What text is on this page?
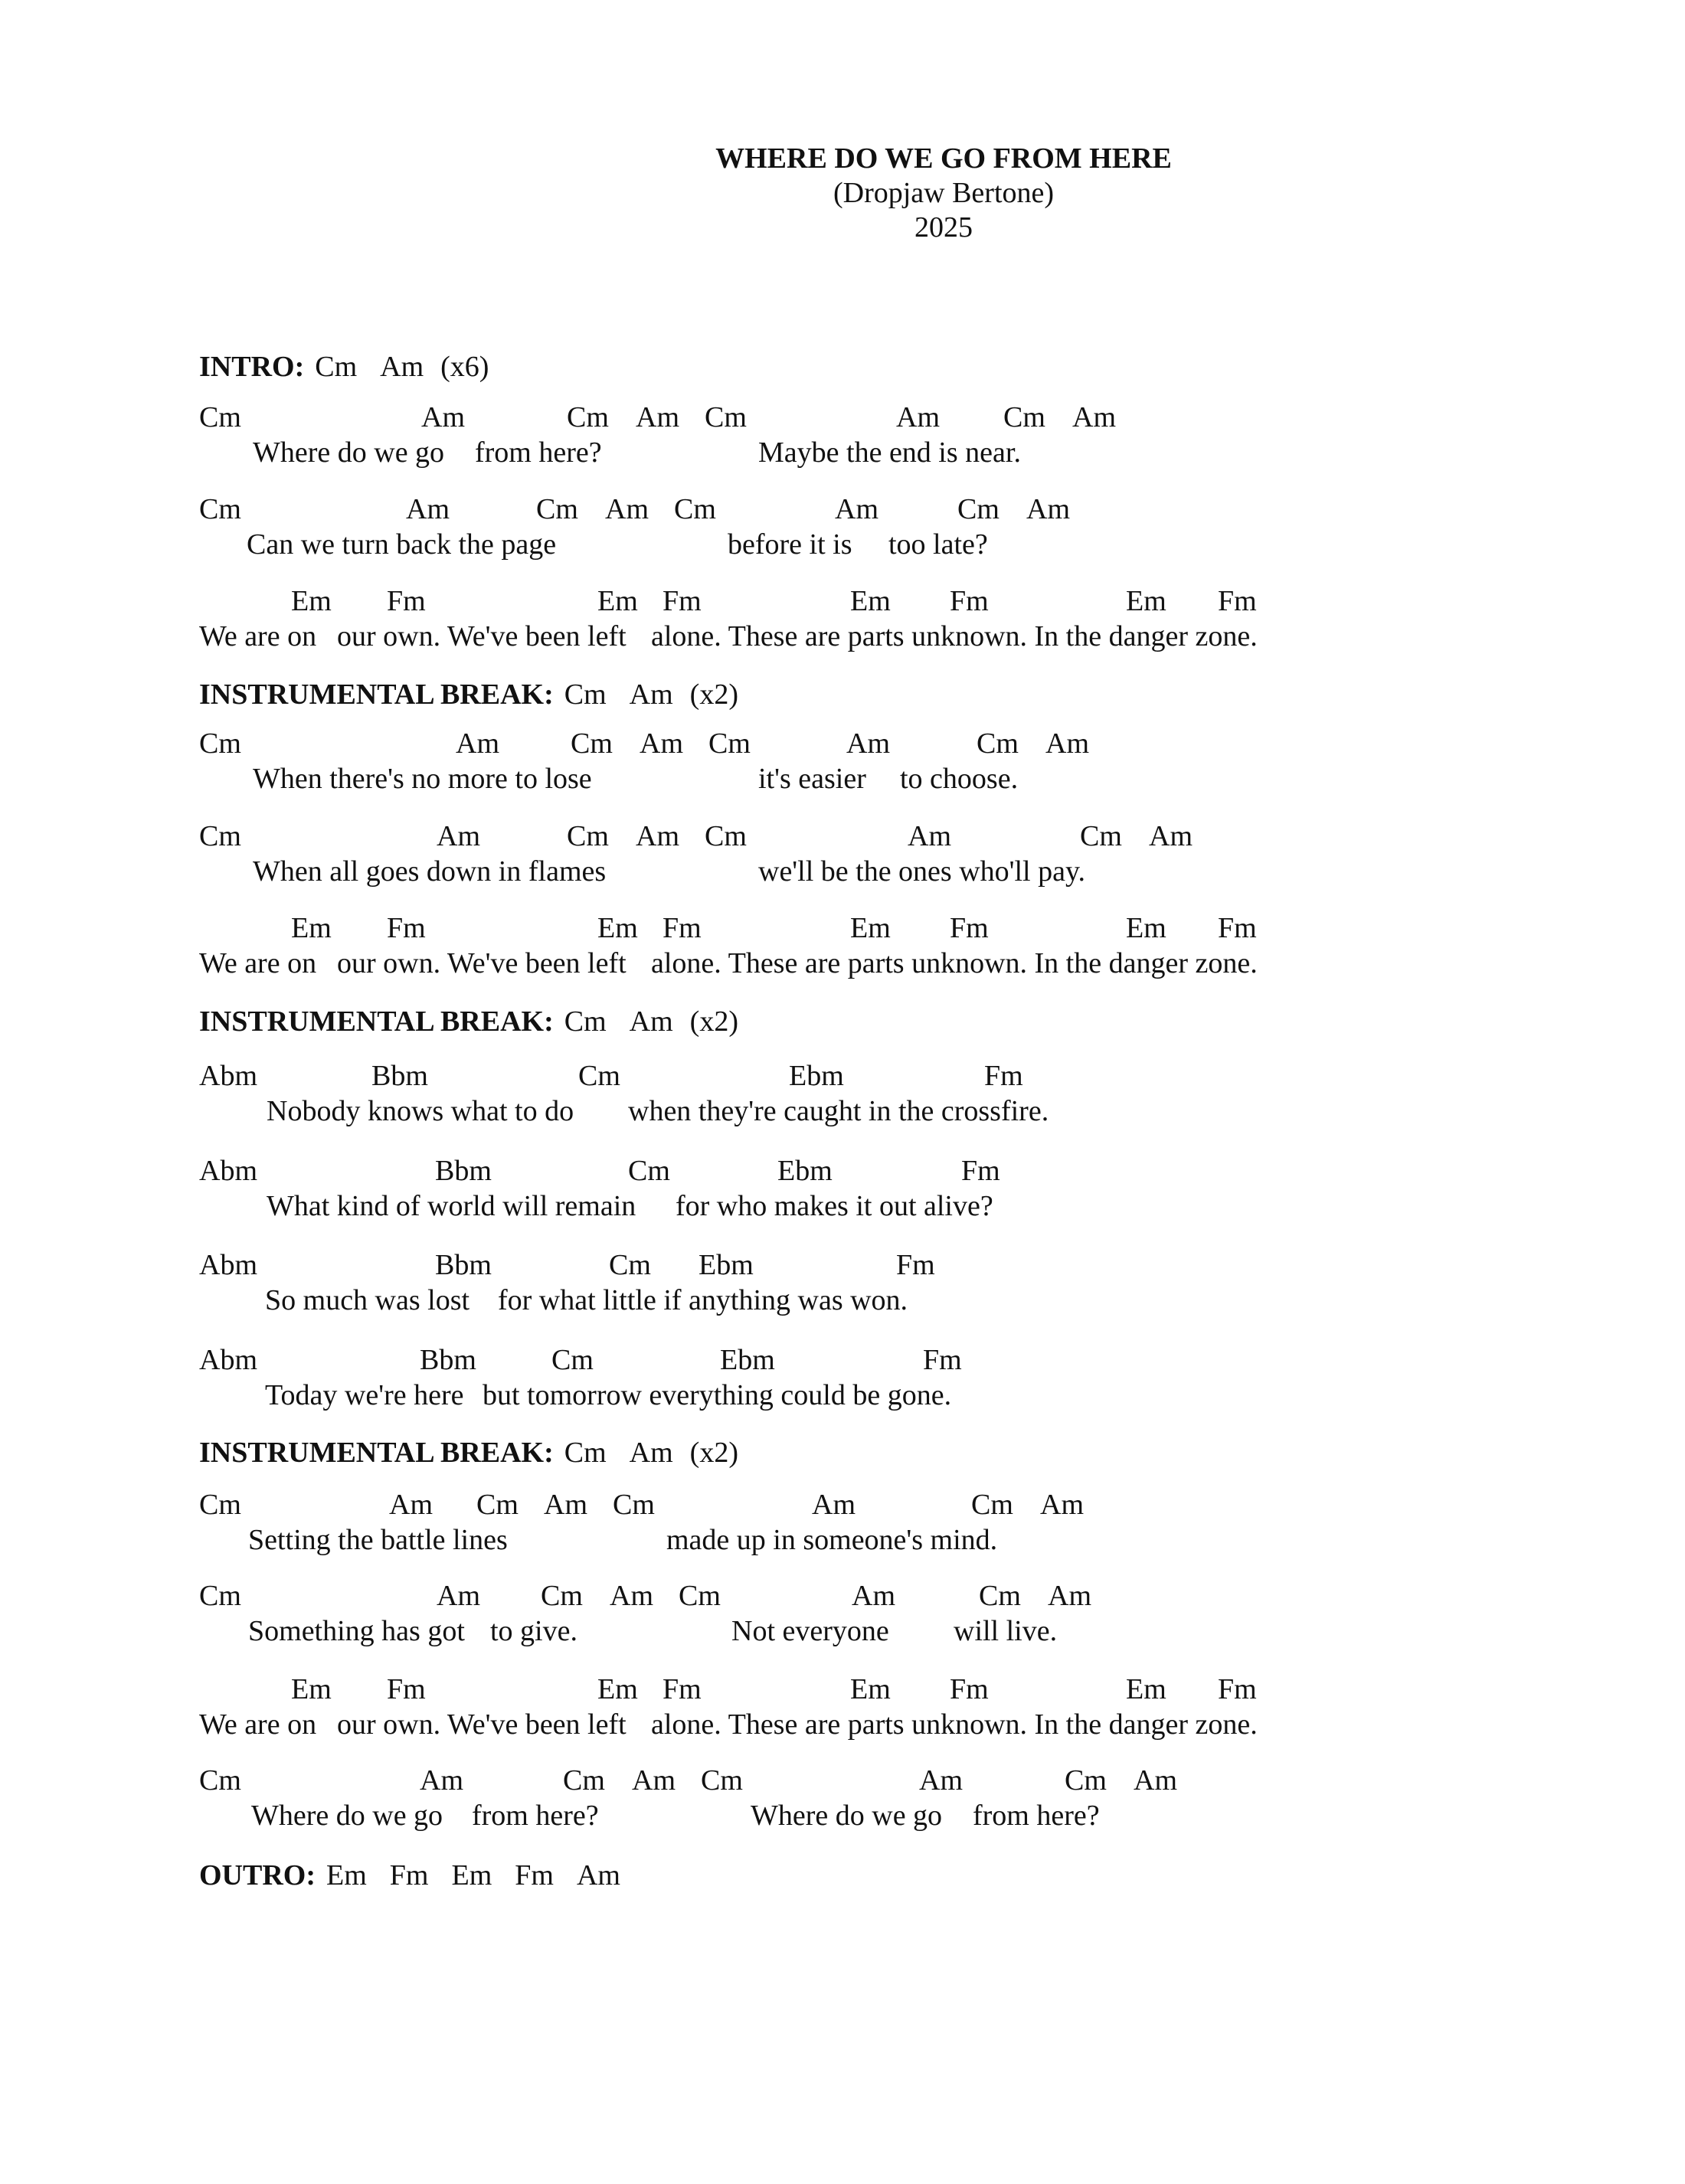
WHERE DO WE GO FROM HERE
(Dropjaw Bertone)
2025
INTRO: Cm Am (x6)
Cm	Am	Cm Am Cm	Am Cm Am
Where do we go from here?	Maybe the end is near.
Cm	Am	Cm Am Cm	Am	Cm Am
Can we turn back the page	before it is too late?
Em Fm	Em Fm	Em Fm	Em Fm
We are on our own. We've been left alone. These are parts unknown. In the danger zone.
INSTRUMENTAL BREAK: Cm Am (x2)
Cm	Am Cm Am Cm	Am	Cm Am
When there's no more to lose	it's easier to choose.
Cm	Am	Cm Am Cm	Am	Cm Am
When all goes down in flames	we'll be the ones who'll pay.
Em Fm	Em Fm	Em Fm	Em Fm
We are on our own. We've been left alone. These are parts unknown. In the danger zone.
INSTRUMENTAL BREAK: Cm Am (x2)
Abm	Bbm	Cm	Ebm	Fm
Nobody knows what to do when they're caught in the crossfire.
Abm	Bbm	Cm	Ebm	Fm
What kind of world will remain for who makes it out alive?
Abm	Bbm	Cm Ebm	Fm
So much was lost for what little if anything was won.
Abm	Bbm	Cm	Ebm	Fm
Today we're here but tomorrow everything could be gone.
INSTRUMENTAL BREAK: Cm Am (x2)
Cm	Am Cm Am Cm	Am	Cm Am
Setting the battle lines	made up in someone's mind.
Cm	Am Cm Am Cm	Am	Cm Am
Something has got to give.	Not everyone will live.
Em Fm	Em Fm	Em Fm	Em Fm
We are on our own. We've been left alone. These are parts unknown. In the danger zone.
Cm	Am	Cm Am Cm	Am	Cm Am
Where do we go from here?	Where do we go from here?
OUTRO: Em Fm Em Fm Am
